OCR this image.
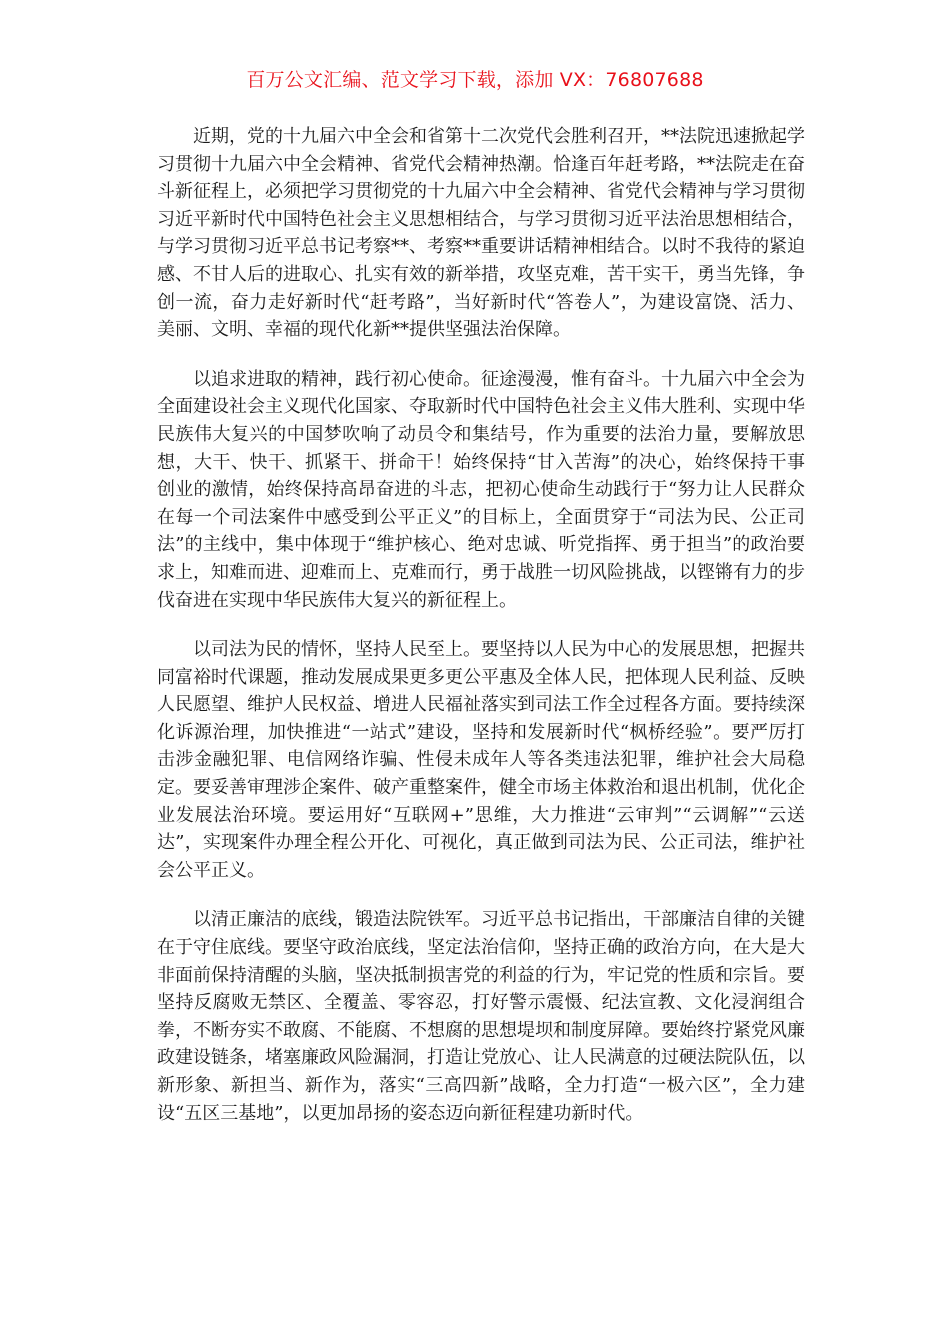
百万公文汇编、范文学习下载，添加 VX：76807688

近期，党的十九届六中全会和省第十二次党代会胜利召开，**法院迅速掀起学习贯彻十九届六中全会精神、省党代会精神热潮。恰逢百年赶考路，**法院走在奋斗新征程上，必须把学习贯彻党的十九届六中全会精神、省党代会精神与学习贯彻习近平新时代中国特色社会主义思想相结合，与学习贯彻习近平法治思想相结合，与学习贯彻习近平总书记考察**、考察**重要讲话精神相结合。以时不我待的紧迫感、不甘人后的进取心、扎实有效的新举措，攻坚克难，苦干实干，勇当先锋，争创一流，奋力走好新时代“赶考路”，当好新时代“答卷人”，为建设富饶、活力、美丽、文明、幸福的现代化新**提供坚强法治保障。

以追求进取的精神，践行初心使命。征途漫漫，惟有奋斗。十九届六中全会为全面建设社会主义现代化国家、夺取新时代中国特色社会主义伟大胜利、实现中华民族伟大复兴的中国梦吹响了动员令和集结号，作为重要的法治力量，要解放思想，大干、快干、抓紧干、拼命干！始终保持“甘入苦海”的决心，始终保持干事创业的激情，始终保持高昂奋进的斗志，把初心使命生动践行于“努力让人民群众在每一个司法案件中感受到公平正义”的目标上，全面贯穿于“司法为民、公正司法”的主线中，集中体现于“维护核心、绝对忠诚、听党指挥、勇于担当”的政治要求上，知难而进、迎难而上、克难而行，勇于战胜一切风险挑战，以铿锵有力的步伐奋进在实现中华民族伟大复兴的新征程上。

以司法为民的情怀，坚持人民至上。要坚持以人民为中心的发展思想，把握共同富裕时代课题，推动发展成果更多更公平惠及全体人民，把体现人民利益、反映人民愿望、维护人民权益、增进人民福祉落实到司法工作全过程各方面。要持续深化诉源治理，加快推进“一站式”建设，坚持和发展新时代“枫桥经验”。要严厉打击涉金融犯罪、电信网络诈骗、性侵未成年人等各类违法犯罪，维护社会大局稳定。要妥善审理涉企案件、破产重整案件，健全市场主体救治和退出机制，优化企业发展法治环境。要运用好“互联网+”思维，大力推进“云审判”“云调解”“云送达”，实现案件办理全程公开化、可视化，真正做到司法为民、公正司法，维护社会公平正义。

以清正廉洁的底线，锻造法院铁军。习近平总书记指出，干部廉洁自律的关键在于守住底线。要坚守政治底线，坚定法治信仰，坚持正确的政治方向，在大是大非面前保持清醒的头脑，坚决抵制损害党的利益的行为，牢记党的性质和宗旨。要坚持反腐败无禁区、全覆盖、零容忍，打好警示震慑、纪法宣教、文化浸润组合拳，不断夯实不敢腐、不能腐、不想腐的思想堤坝和制度屏障。要始终拧紧党风廉政建设链条，堵塞廉政风险漏洞，打造让党放心、让人民满意的过硬法院队伍，以新形象、新担当、新作为，落实“三高四新”战略，全力打造“一极六区”，全力建设“五区三基地”，以更加昂扬的姿态迈向新征程建功新时代。
